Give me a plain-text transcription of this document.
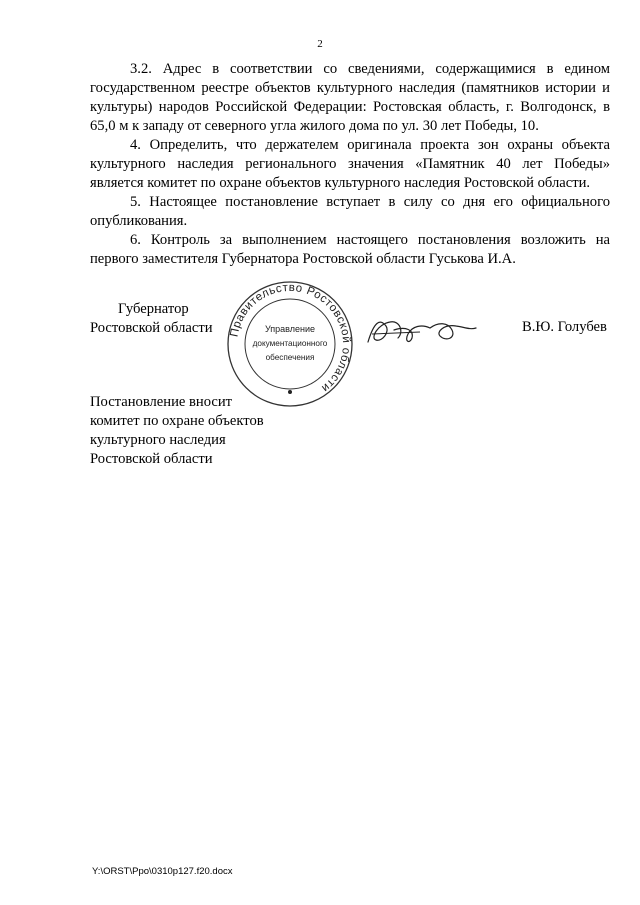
2

3.2. Адрес в соответствии со сведениями, содержащимися в едином государственном реестре объектов культурного наследия (памятников истории и культуры) народов Российской Федерации: Ростовская область, г. Волгодонск, в 65,0 м к западу от северного угла жилого дома по ул. 30 лет Победы, 10.

4. Определить, что держателем оригинала проекта зон охраны объекта культурного наследия регионального значения «Памятник 40 лет Победы» является комитет по охране объектов культурного наследия Ростовской области.

5. Настоящее постановление вступает в силу со дня его официального опубликования.

6. Контроль за выполнением настоящего постановления возложить на первого заместителя Губернатора Ростовской области Гуськова И.А.

Губернатор
Ростовской области Правительство Ростовской области
Управление
документационного
обеспечения
В.Ю. Голубев
Постановление вносит
комитет по охране объектов
культурного наследия
Ростовской области
Y:\ORST\Ppo\0310p127.f20.docx
